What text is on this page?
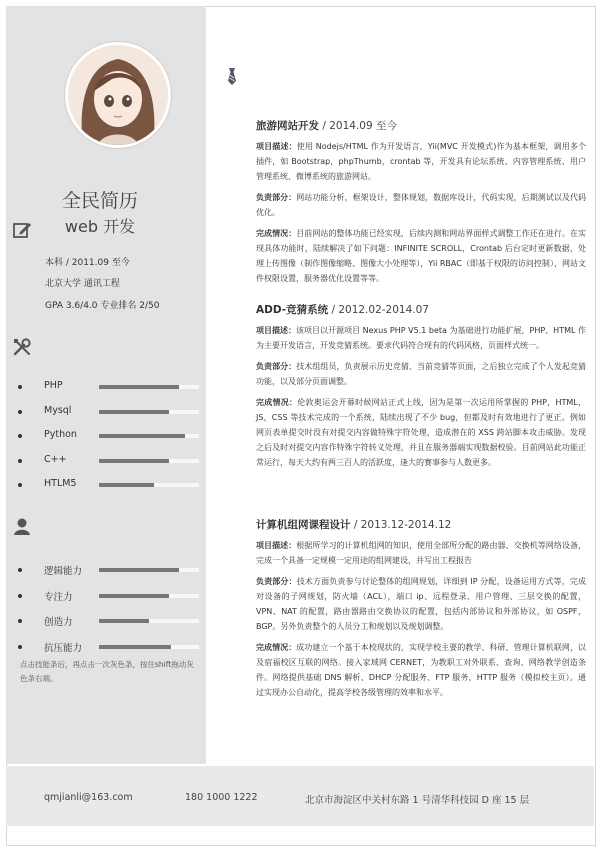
全民简历
web 开发
本科 / 2011.09 至今
北京大学 通讯工程
GPA 3.6/4.0 专业排名 2/50
PHP
Mysql
Python
C++
HTLM5
逻辑能力
专注力
创造力
抗压能力
点击技能条后，再点击一次灰色条，按住shift拖动灰色条右端。
旅游网站开发 / 2014.09 至今
项目描述：使用 Nodejs/HTML 作为开发语言，Yii(MVC 开发模式)作为基本框架，调用多个插件，如 Bootstrap，phpThumb，crontab 等，开发具有论坛系统、内容管理系统、用户管理系统、微博系统的旅游网站。
负责部分：网站功能分析，框架设计，整体规划，数据库设计，代码实现，后期测试以及代码优化。
完成情况：目前网站的整体功能已经实现，后续内测和网站界面样式调整工作还在进行。在实现具体功能时，陆续解决了如下问题：INFINITE SCROLL，Crontab 后台定时更新数据，处理上传图像（制作图像缩略、图像大小处理等），Yii RBAC（即基于权限的访问控制），网站文件权限设置，服务器优化设置等等。
ADD-竞猜系统 / 2012.02-2014.07
项目描述：该项目以开源项目 Nexus PHP V5.1 beta 为基础进行功能扩展，PHP、HTML 作为主要开发语言，开发竞猜系统。要求代码符合现有的代码风格，页面样式统一。
负责部分：技术组组员，负责展示历史竞猜、当前竞猜等页面，之后独立完成了个人发起竞猜功能，以及部分页面调整。
完成情况：伦敦奥运会开幕时候网站正式上线，因为是第一次运用所掌握的 PHP，HTML，JS，CSS 等技术完成的一个系统，陆续出现了不少 bug，但都及时有效地进行了更正。例如网页表单提交时没有对提交内容做特殊字符处理，造成潜在的 XSS 跨站脚本攻击威胁。发现之后及时对提交内容作特殊字符转义处理，并且在服务器端实现数据校验。目前网站此功能正常运行，每天大约有两三百人的活跃度，逢大的赛事参与人数更多。
计算机组网课程设计 / 2013.12-2014.12
项目描述：根据所学习的计算机组网的知识，使用全部所分配的路由器、交换机等网络设备，完成一个具备一定规模一定用途的组网建设，并写出工程报告
负责部分：技术方面负责参与讨论整体的组网规划，详细到 IP 分配，设备运用方式等，完成对设备的子网规划，防火墙（ACL），端口 ip、远程登录、用户管理、三层交换的配置，VPN、NAT 的配置，路由器路由交换协议的配置，包括内部协议和外部协议，如 OSPF，BGP。另外负责整个的人员分工和规划以及规划调整。
完成情况：成功建立一个基于本校现状的，实现学校主要的教学、科研、管理计算机联网，以及宿福校区互联的网络。接入家域网 CERNET，为教职工对外联系、查询、网络教学创造条件。网络提供基础 DNS 解析、DHCP 分配服务、FTP 服务，HTTP 服务（模拟校主页）。通过实现办公自动化，提高学校各级管理的效率和水平。
qmjianli@163.com	180 1000 1222	北京市海淀区中关村东路 1 号清华科技园 D 座 15 层
